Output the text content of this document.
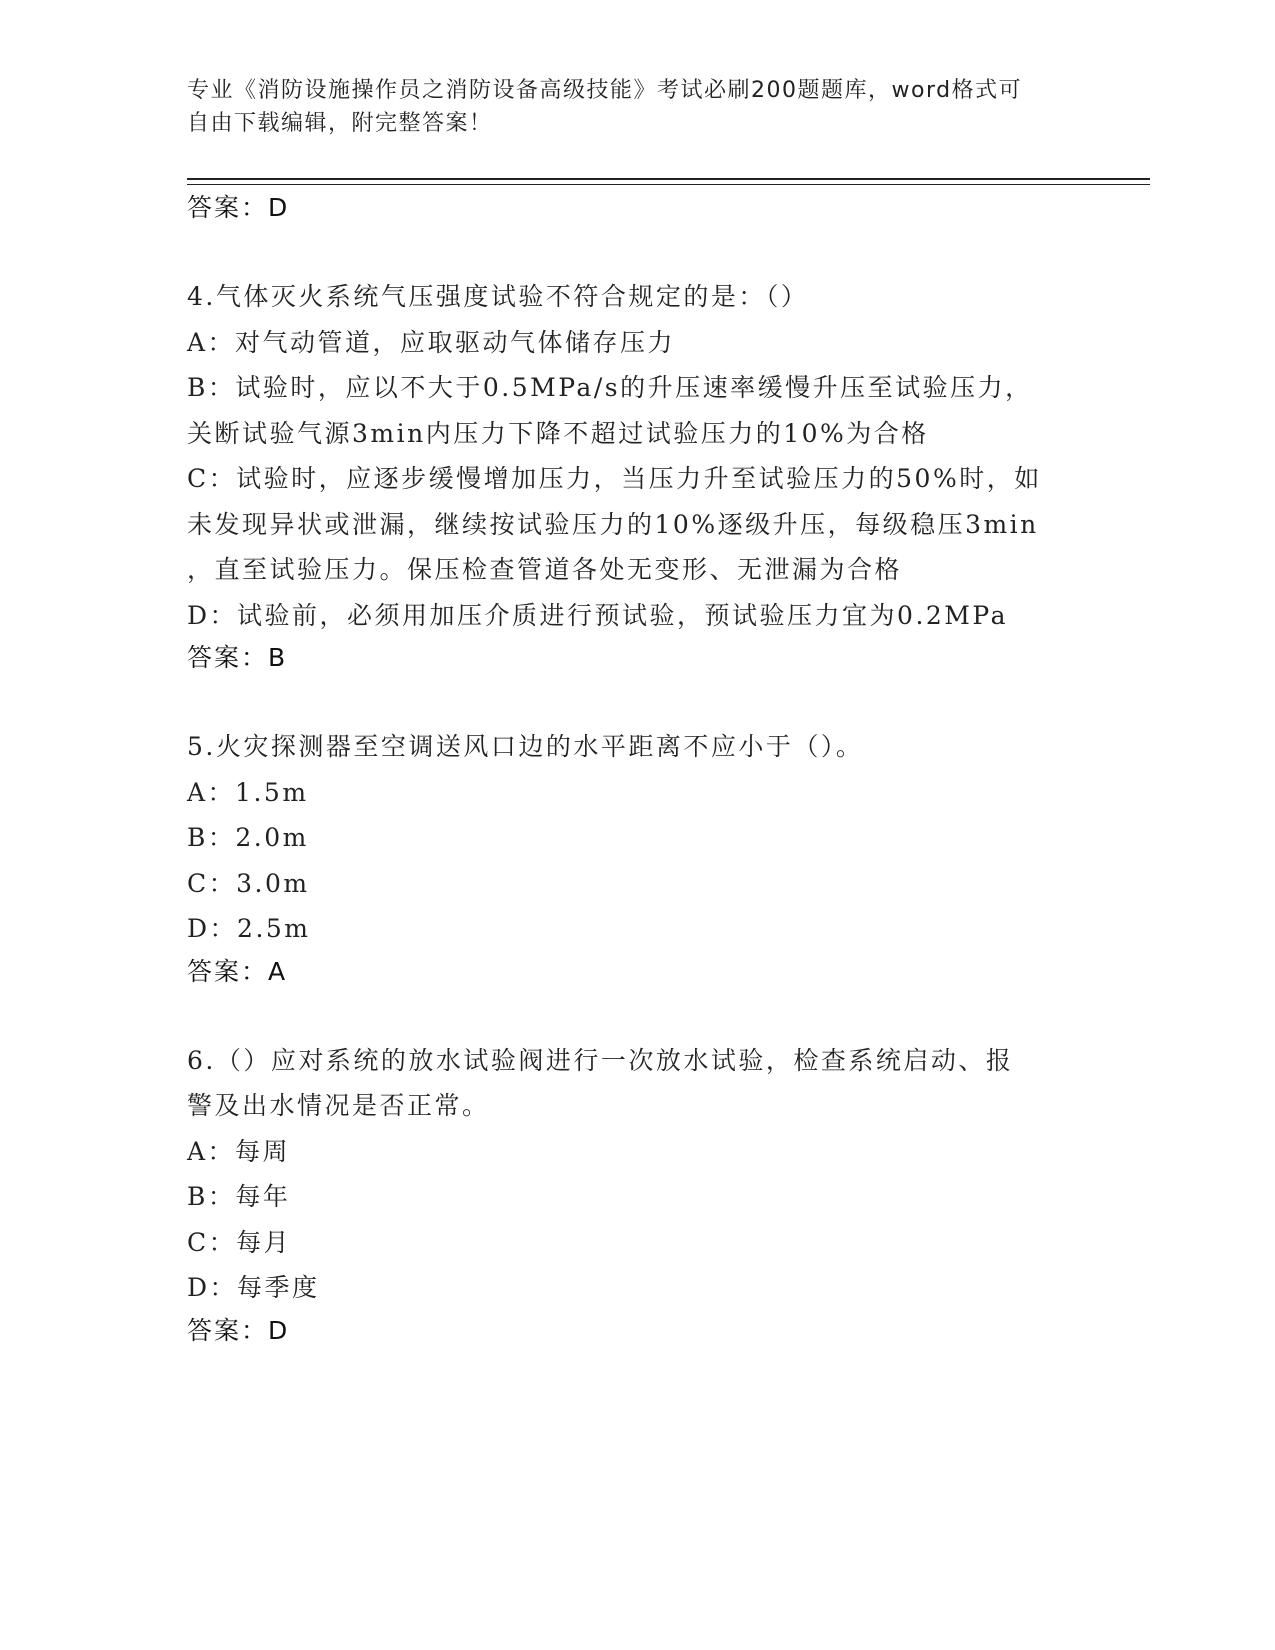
专业《消防设施操作员之消防设备高级技能》考试必刷200题题库，word格式可
自由下载编辑，附完整答案！
答案：D
4.气体灭火系统气压强度试验不符合规定的是：（）
A：对气动管道，应取驱动气体储存压力
B：试验时，应以不大于0.5MPa/s的升压速率缓慢升压至试验压力，
关断试验气源3min内压力下降不超过试验压力的10%为合格
C：试验时，应逐步缓慢增加压力，当压力升至试验压力的50%时，如
未发现异状或泄漏，继续按试验压力的10%逐级升压，每级稳压3min
，直至试验压力。保压检查管道各处无变形、无泄漏为合格
D：试验前，必须用加压介质进行预试验，预试验压力宜为0.2MPa
答案：B
5.火灾探测器至空调送风口边的水平距离不应小于（）。
A：1.5m
B：2.0m
C：3.0m
D：2.5m
答案：A
6.（）应对系统的放水试验阀进行一次放水试验，检查系统启动、报
警及出水情况是否正常。
A：每周
B：每年
C：每月
D：每季度
答案：D
